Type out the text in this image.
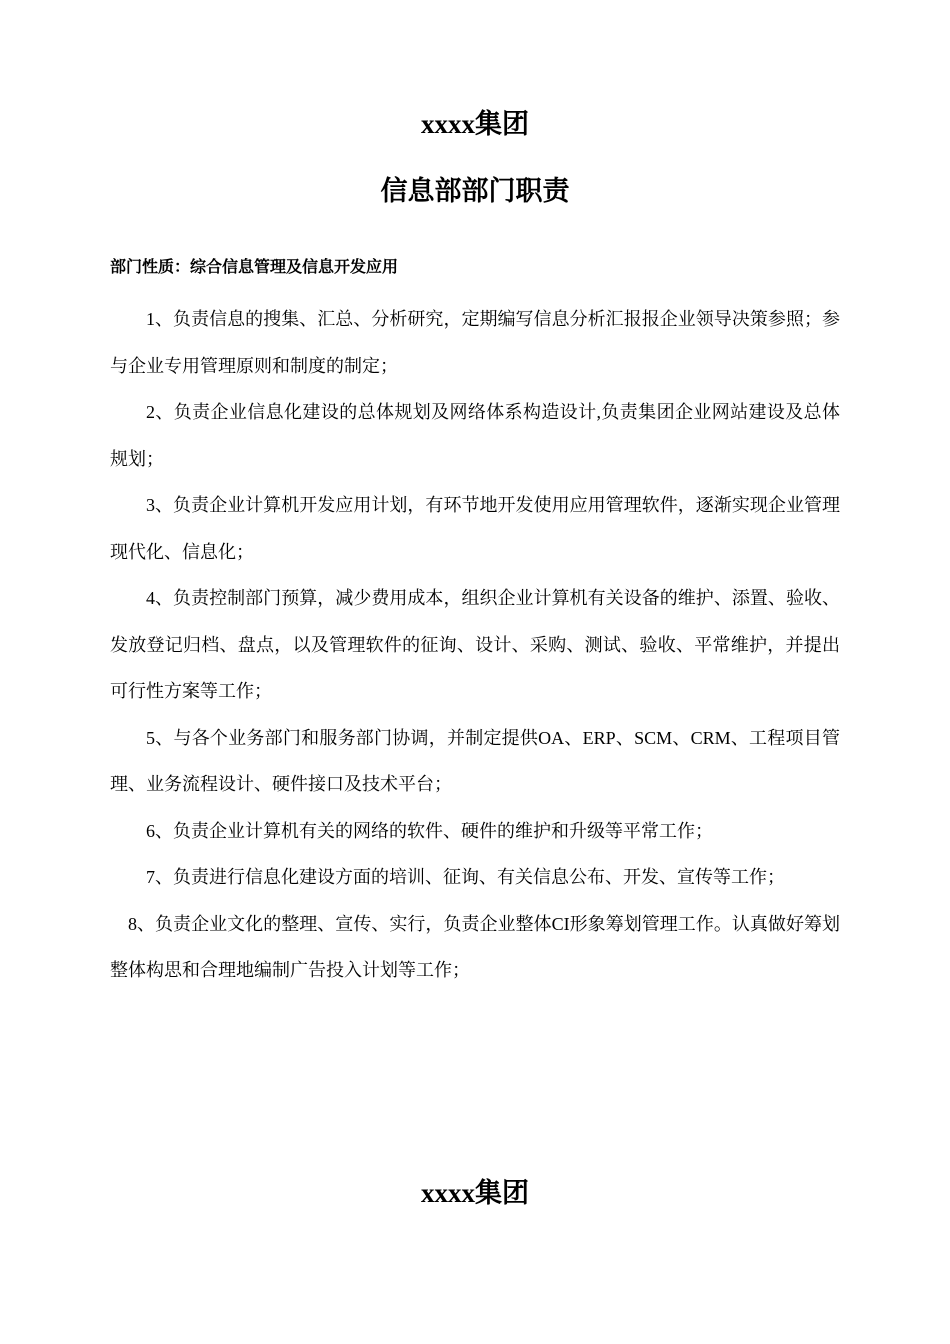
xxxx集团
信息部部门职责

部门性质：综合信息管理及信息开发应用

1、负责信息的搜集、汇总、分析研究，定期编写信息分析汇报报企业领导决策参照；参与企业专用管理原则和制度的制定；
2、负责企业信息化建设的总体规划及网络体系构造设计,负责集团企业网站建设及总体规划；
3、负责企业计算机开发应用计划，有环节地开发使用应用管理软件，逐渐实现企业管理现代化、信息化；
4、负责控制部门预算，减少费用成本，组织企业计算机有关设备的维护、添置、验收、发放登记归档、盘点，以及管理软件的征询、设计、采购、测试、验收、平常维护，并提出可行性方案等工作；
5、与各个业务部门和服务部门协调，并制定提供OA、ERP、SCM、CRM、工程项目管理、业务流程设计、硬件接口及技术平台；
6、负责企业计算机有关的网络的软件、硬件的维护和升级等平常工作；
7、负责进行信息化建设方面的培训、征询、有关信息公布、开发、宣传等工作；
8、负责企业文化的整理、宣传、实行，负责企业整体CI形象筹划管理工作。认真做好筹划整体构思和合理地编制广告投入计划等工作；
xxxx集团
